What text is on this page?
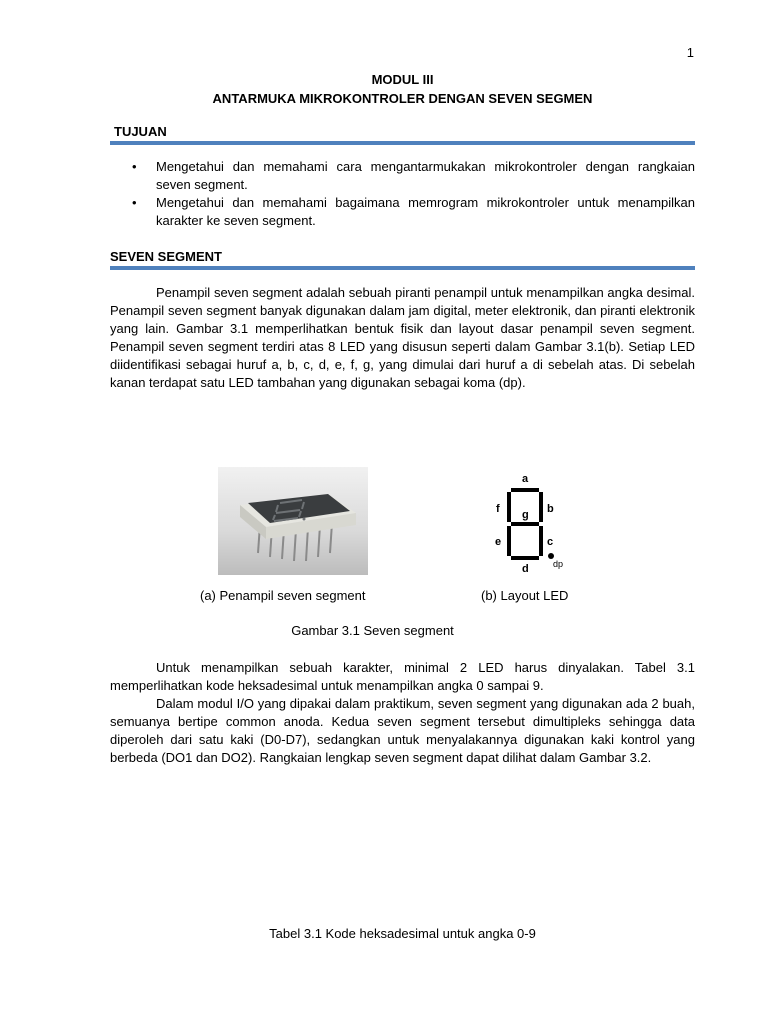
1
MODUL III
ANTARMUKA MIKROKONTROLER DENGAN SEVEN SEGMEN
TUJUAN
• Mengetahui dan memahami cara mengantarmukakan mikrokontroler dengan rangkaian seven segment.
• Mengetahui dan memahami bagaimana memrogram mikrokontroler untuk menampilkan karakter ke seven segment.
SEVEN SEGMENT

Penampil seven segment adalah sebuah piranti penampil untuk menampilkan angka desimal. Penampil seven segment banyak digunakan dalam jam digital, meter elektronik, dan piranti elektronik yang lain. Gambar 3.1 memperlihatkan bentuk fisik dan layout dasar penampil seven segment. Penampil seven segment terdiri atas 8 LED yang disusun seperti dalam Gambar 3.1(b). Setiap LED diidentifikasi sebagai huruf a, b, c, d, e, f, g, yang dimulai dari huruf a di sebelah atas. Di sebelah kanan terdapat satu LED tambahan yang digunakan sebagai koma (dp).

a
b
c
d
e
f g
dp
(a) Penampil seven segment	(b) Layout LED
Gambar 3.1 Seven segment

Untuk menampilkan sebuah karakter, minimal 2 LED harus dinyalakan. Tabel 3.1 memperlihatkan kode heksadesimal untuk menampilkan angka 0 sampai 9.

Dalam modul I/O yang dipakai dalam praktikum, seven segment yang digunakan ada 2 buah, semuanya bertipe common anoda. Kedua seven segment tersebut dimultipleks sehingga data diperoleh dari satu kaki (D0-D7), sedangkan untuk menyalakannya digunakan kaki kontrol yang berbeda (DO1 dan DO2). Rangkaian lengkap seven segment dapat dilihat dalam Gambar 3.2.

Tabel 3.1 Kode heksadesimal untuk angka 0-9
